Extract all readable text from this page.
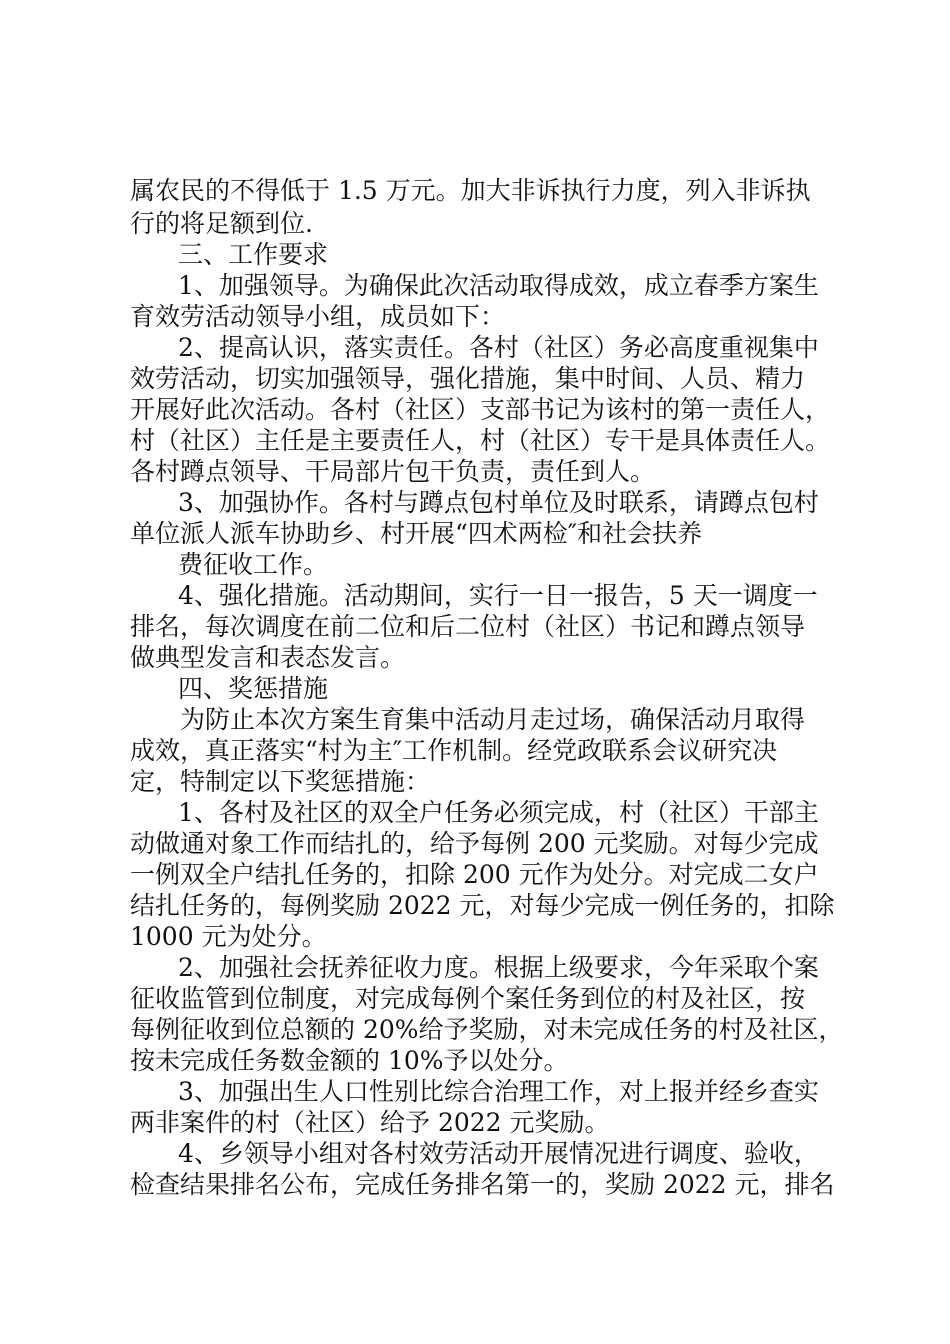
属农民的不得低于 1.5 万元。加大非诉执行力度，列入非诉执
行的将足额到位.
三、工作要求
1、加强领导。为确保此次活动取得成效，成立春季方案生
育效劳活动领导小组，成员如下：
2、提高认识，落实责任。各村（社区）务必高度重视集中
效劳活动，切实加强领导，强化措施，集中时间、人员、精力
开展好此次活动。各村（社区）支部书记为该村的第一责任人，
村（社区）主任是主要责任人，村（社区）专干是具体责任人。
各村蹲点领导、干局部片包干负责，责任到人。
3、加强协作。各村与蹲点包村单位及时联系，请蹲点包村
单位派人派车协助乡、村开展“四术两检″和社会扶养
费征收工作。
4、强化措施。活动期间，实行一日一报告，5 天一调度一
排名，每次调度在前二位和后二位村（社区）书记和蹲点领导
做典型发言和表态发言。
四、奖惩措施
为防止本次方案生育集中活动月走过场，确保活动月取得
成效，真正落实“村为主″工作机制。经党政联系会议研究决
定，特制定以下奖惩措施：
1、各村及社区的双全户任务必须完成，村（社区）干部主
动做通对象工作而结扎的，给予每例 200 元奖励。对每少完成
一例双全户结扎任务的，扣除 200 元作为处分。对完成二女户
结扎任务的，每例奖励 2022 元，对每少完成一例任务的，扣除
1000 元为处分。
2、加强社会抚养征收力度。根据上级要求，今年采取个案
征收监管到位制度，对完成每例个案任务到位的村及社区，按
每例征收到位总额的 20%给予奖励，对未完成任务的村及社区，
按未完成任务数金额的 10%予以处分。
3、加强出生人口性别比综合治理工作，对上报并经乡查实
两非案件的村（社区）给予 2022 元奖励。
4、乡领导小组对各村效劳活动开展情况进行调度、验收，
检查结果排名公布，完成任务排名第一的，奖励 2022 元，排名
